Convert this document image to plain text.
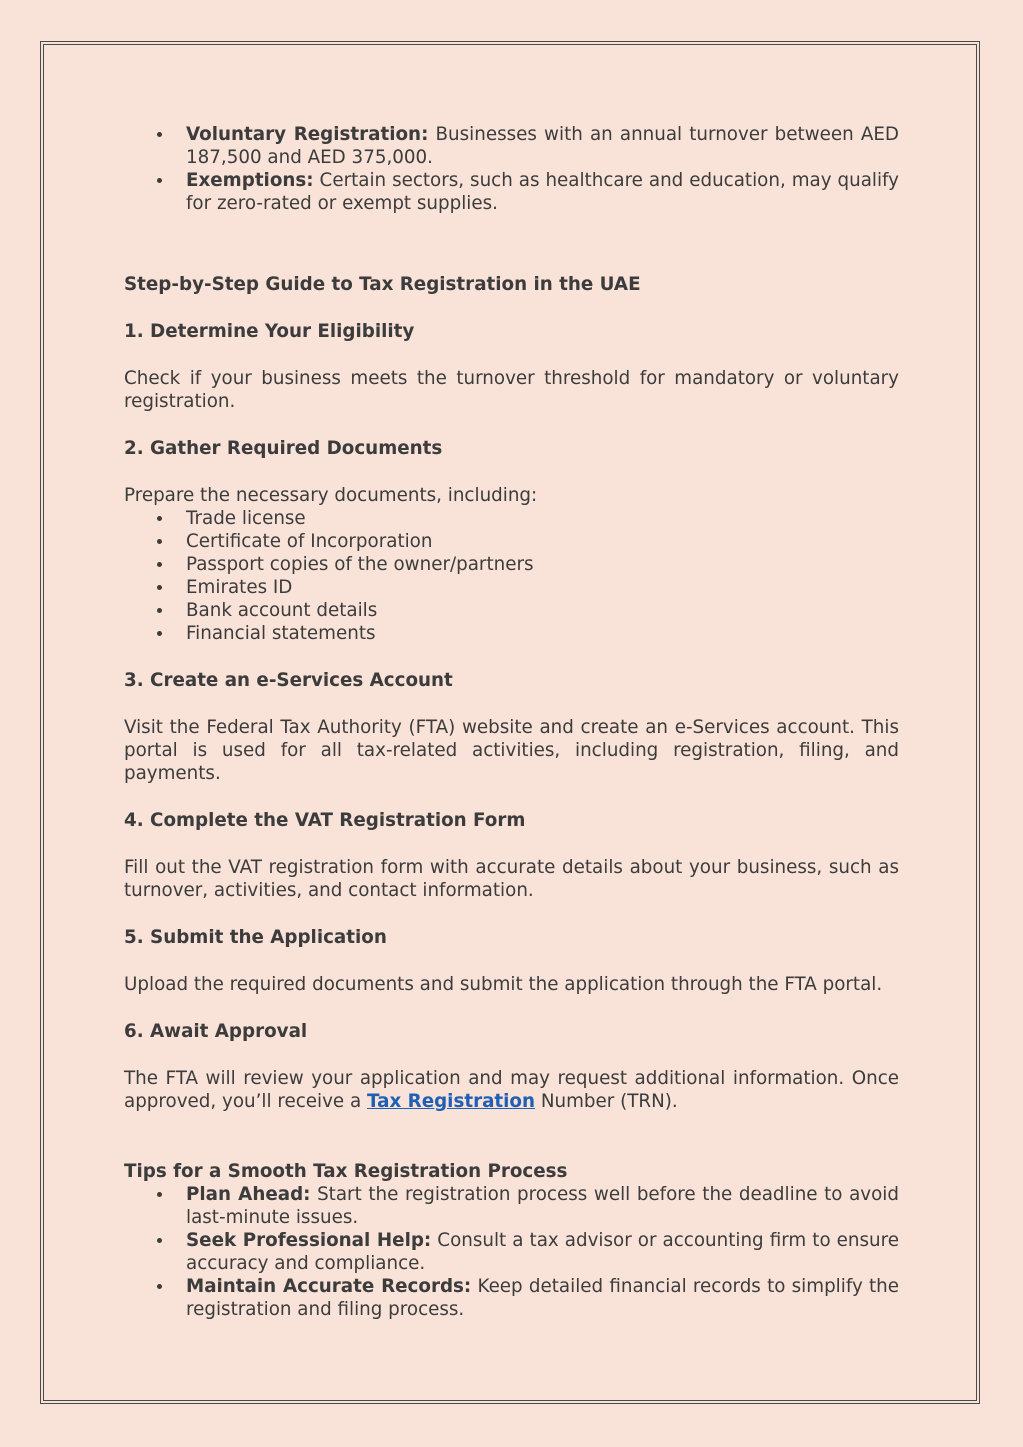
Voluntary Registration: Businesses with an annual turnover between AED 187,500 and AED 375,000.
Exemptions: Certain sectors, such as healthcare and education, may qualify for zero-rated or exempt supplies.

Step-by-Step Guide to Tax Registration in the UAE

1. Determine Your Eligibility

Check if your business meets the turnover threshold for mandatory or voluntary registration.

2. Gather Required Documents

Prepare the necessary documents, including:

Trade license
Certificate of Incorporation
Passport copies of the owner/partners
Emirates ID
Bank account details
Financial statements

3. Create an e-Services Account

Visit the Federal Tax Authority (FTA) website and create an e-Services account. This portal is used for all tax-related activities, including registration, filing, and payments.

4. Complete the VAT Registration Form

Fill out the VAT registration form with accurate details about your business, such as turnover, activities, and contact information.

5. Submit the Application

Upload the required documents and submit the application through the FTA portal.

6. Await Approval

The FTA will review your application and may request additional information. Once approved, you’ll receive a Tax Registration Number (TRN).

Tips for a Smooth Tax Registration Process

Plan Ahead: Start the registration process well before the deadline to avoid last-minute issues.
Seek Professional Help: Consult a tax advisor or accounting firm to ensure accuracy and compliance.
Maintain Accurate Records: Keep detailed financial records to simplify the registration and filing process.
